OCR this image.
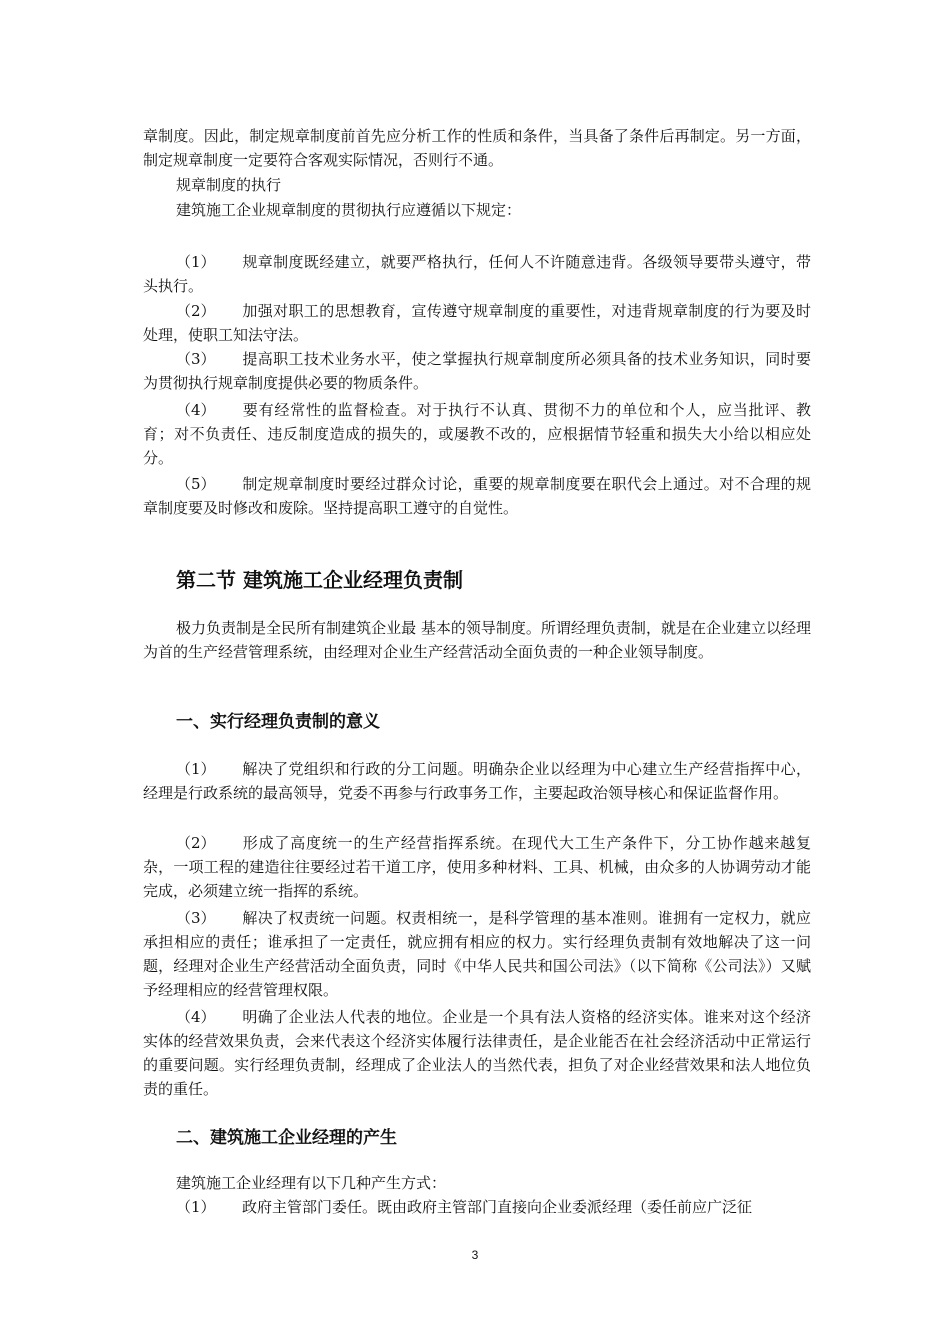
章制度。因此，制定规章制度前首先应分析工作的性质和条件，当具备了条件后再制定。另一方面，制定规章制度一定要符合客观实际情况，否则行不通。

规章制度的执行

建筑施工企业规章制度的贯彻执行应遵循以下规定：

（1） 规章制度既经建立，就要严格执行，任何人不许随意违背。各级领导要带头遵守，带头执行。

（2） 加强对职工的思想教育，宣传遵守规章制度的重要性，对违背规章制度的行为要及时处理，使职工知法守法。

（3） 提高职工技术业务水平，使之掌握执行规章制度所必须具备的技术业务知识，同时要为贯彻执行规章制度提供必要的物质条件。

（4） 要有经常性的监督检查。对于执行不认真、贯彻不力的单位和个人，应当批评、教育；对不负责任、违反制度造成的损失的，或屡教不改的，应根据情节轻重和损失大小给以相应处分。

（5） 制定规章制度时要经过群众讨论，重要的规章制度要在职代会上通过。对不合理的规章制度要及时修改和废除。坚持提高职工遵守的自觉性。

第二节 建筑施工企业经理负责制

极力负责制是全民所有制建筑企业最 基本的领导制度。所谓经理负责制，就是在企业建立以经理为首的生产经营管理系统，由经理对企业生产经营活动全面负责的一种企业领导制度。

一、实行经理负责制的意义

（1） 解决了党组织和行政的分工问题。明确杂企业以经理为中心建立生产经营指挥中心，经理是行政系统的最高领导，党委不再参与行政事务工作，主要起政治领导核心和保证监督作用。

（2） 形成了高度统一的生产经营指挥系统。在现代大工生产条件下，分工协作越来越复杂，一项工程的建造往往要经过若干道工序，使用多种材料、工具、机械，由众多的人协调劳动才能完成，必须建立统一指挥的系统。

（3） 解决了权责统一问题。权责相统一，是科学管理的基本准则。谁拥有一定权力，就应承担相应的责任；谁承担了一定责任，就应拥有相应的权力。实行经理负责制有效地解决了这一问题，经理对企业生产经营活动全面负责，同时《中华人民共和国公司法》（以下简称《公司法》）又赋予经理相应的经营管理权限。

（4） 明确了企业法人代表的地位。企业是一个具有法人资格的经济实体。谁来对这个经济实体的经营效果负责，会来代表这个经济实体履行法律责任，是企业能否在社会经济活动中正常运行的重要问题。实行经理负责制，经理成了企业法人的当然代表，担负了对企业经营效果和法人地位负责的重任。

二、建筑施工企业经理的产生

建筑施工企业经理有以下几种产生方式：

（1） 政府主管部门委任。既由政府主管部门直接向企业委派经理（委任前应广泛征

3
